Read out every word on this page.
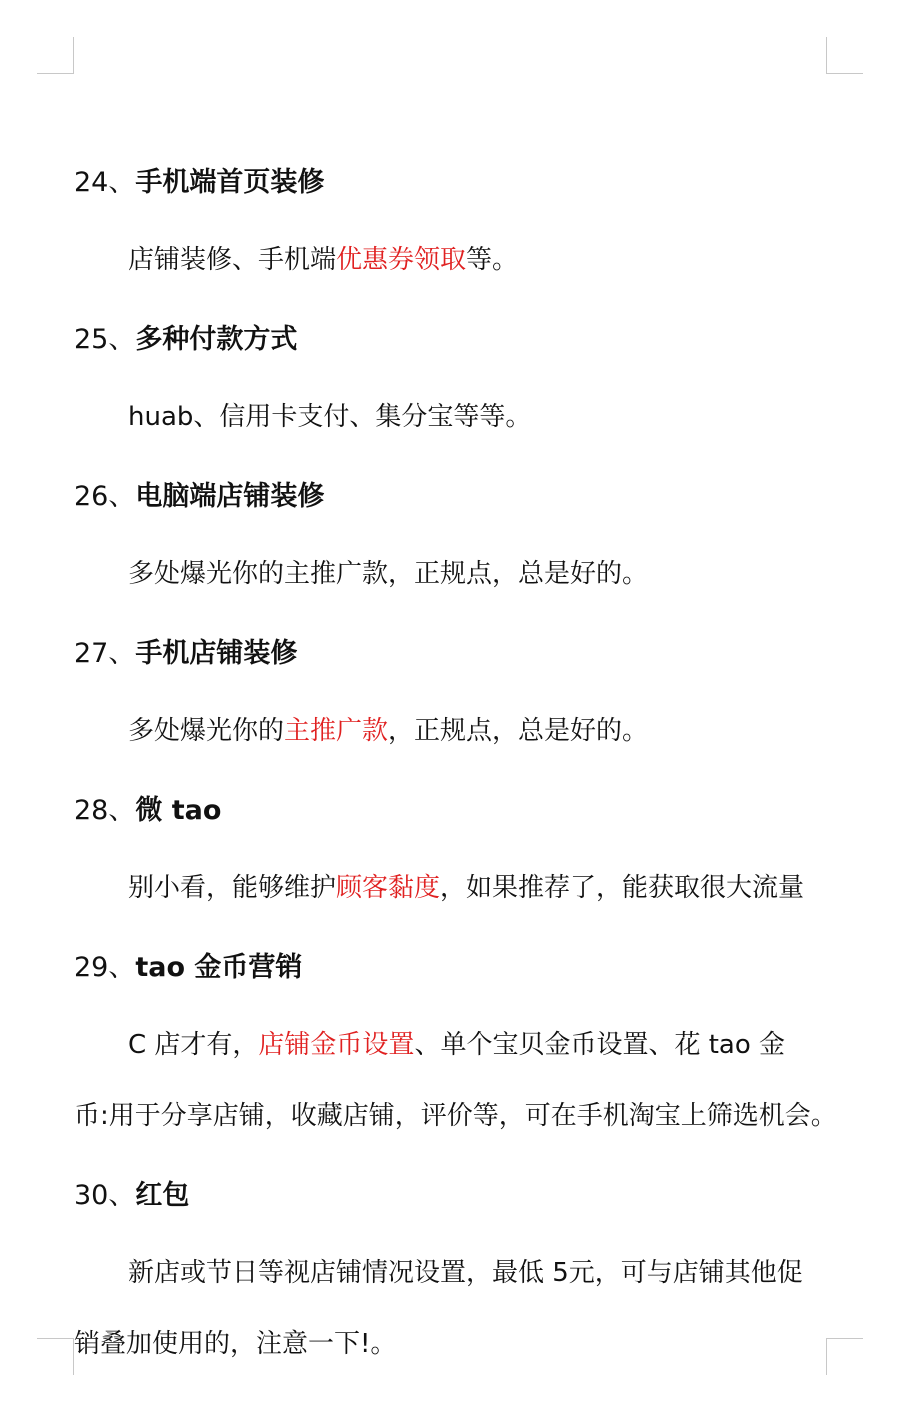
24、手机端首页装修

店铺装修、手机端优惠券领取等。

25、多种付款方式

huab、信用卡支付、集分宝等等。

26、电脑端店铺装修

多处爆光你的主推广款，正规点，总是好的。

27、手机店铺装修

多处爆光你的主推广款，正规点，总是好的。

28、微 tao

别小看，能够维护顾客黏度，如果推荐了，能获取很大流量

29、tao 金币营销

C 店才有，店铺金币设置、单个宝贝金币设置、花 tao 金

币:用于分享店铺，收藏店铺，评价等，可在手机淘宝上筛选机会。

30、红包

新店或节日等视店铺情况设置，最低 5元，可与店铺其他促

销叠加使用的，注意一下!。
